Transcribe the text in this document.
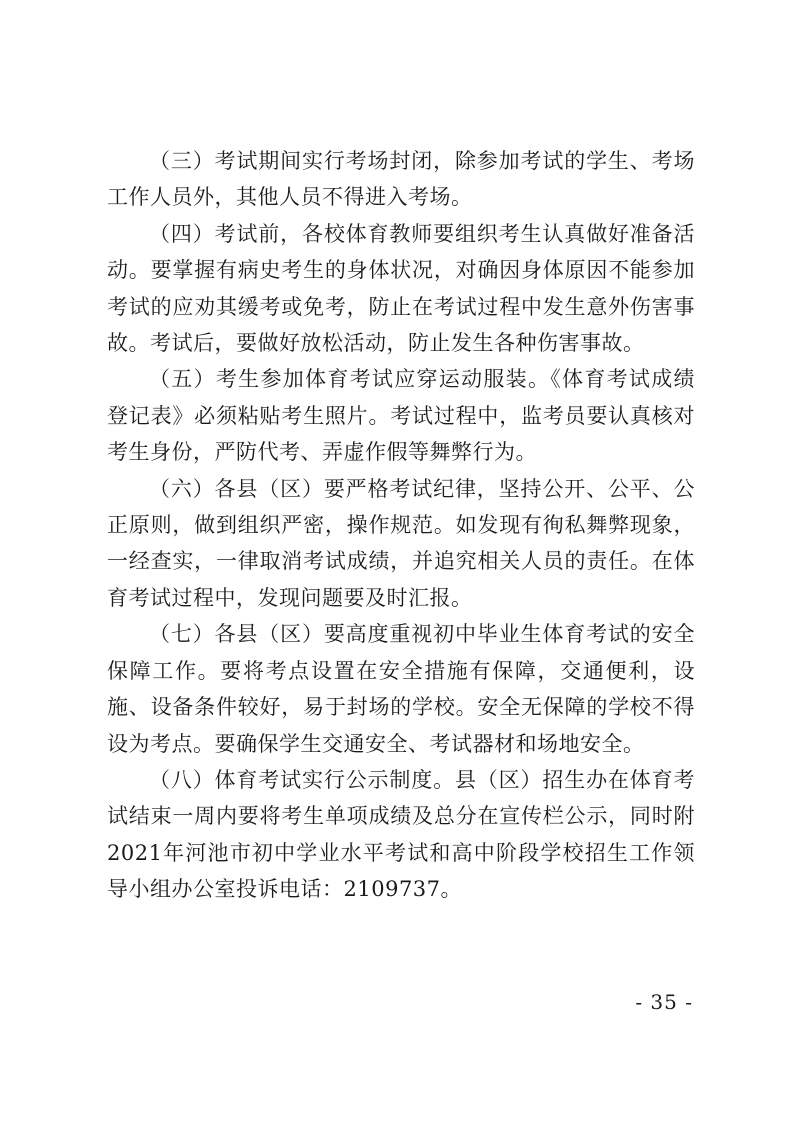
（三）考试期间实行考场封闭，除参加考试的学生、考场工作人员外，其他人员不得进入考场。

（四）考试前，各校体育教师要组织考生认真做好准备活动。要掌握有病史考生的身体状况，对确因身体原因不能参加考试的应劝其缓考或免考，防止在考试过程中发生意外伤害事故。考试后，要做好放松活动，防止发生各种伤害事故。

（五）考生参加体育考试应穿运动服装。《体育考试成绩登记表》必须粘贴考生照片。考试过程中，监考员要认真核对考生身份，严防代考、弄虚作假等舞弊行为。

（六）各县（区）要严格考试纪律，坚持公开、公平、公正原则，做到组织严密，操作规范。如发现有徇私舞弊现象，一经查实，一律取消考试成绩，并追究相关人员的责任。在体育考试过程中，发现问题要及时汇报。

（七）各县（区）要高度重视初中毕业生体育考试的安全保障工作。要将考点设置在安全措施有保障，交通便利，设施、设备条件较好，易于封场的学校。安全无保障的学校不得设为考点。要确保学生交通安全、考试器材和场地安全。

（八）体育考试实行公示制度。县（区）招生办在体育考试结束一周内要将考生单项成绩及总分在宣传栏公示，同时附2021年河池市初中学业水平考试和高中阶段学校招生工作领导小组办公室投诉电话：2109737。

- 35 -
